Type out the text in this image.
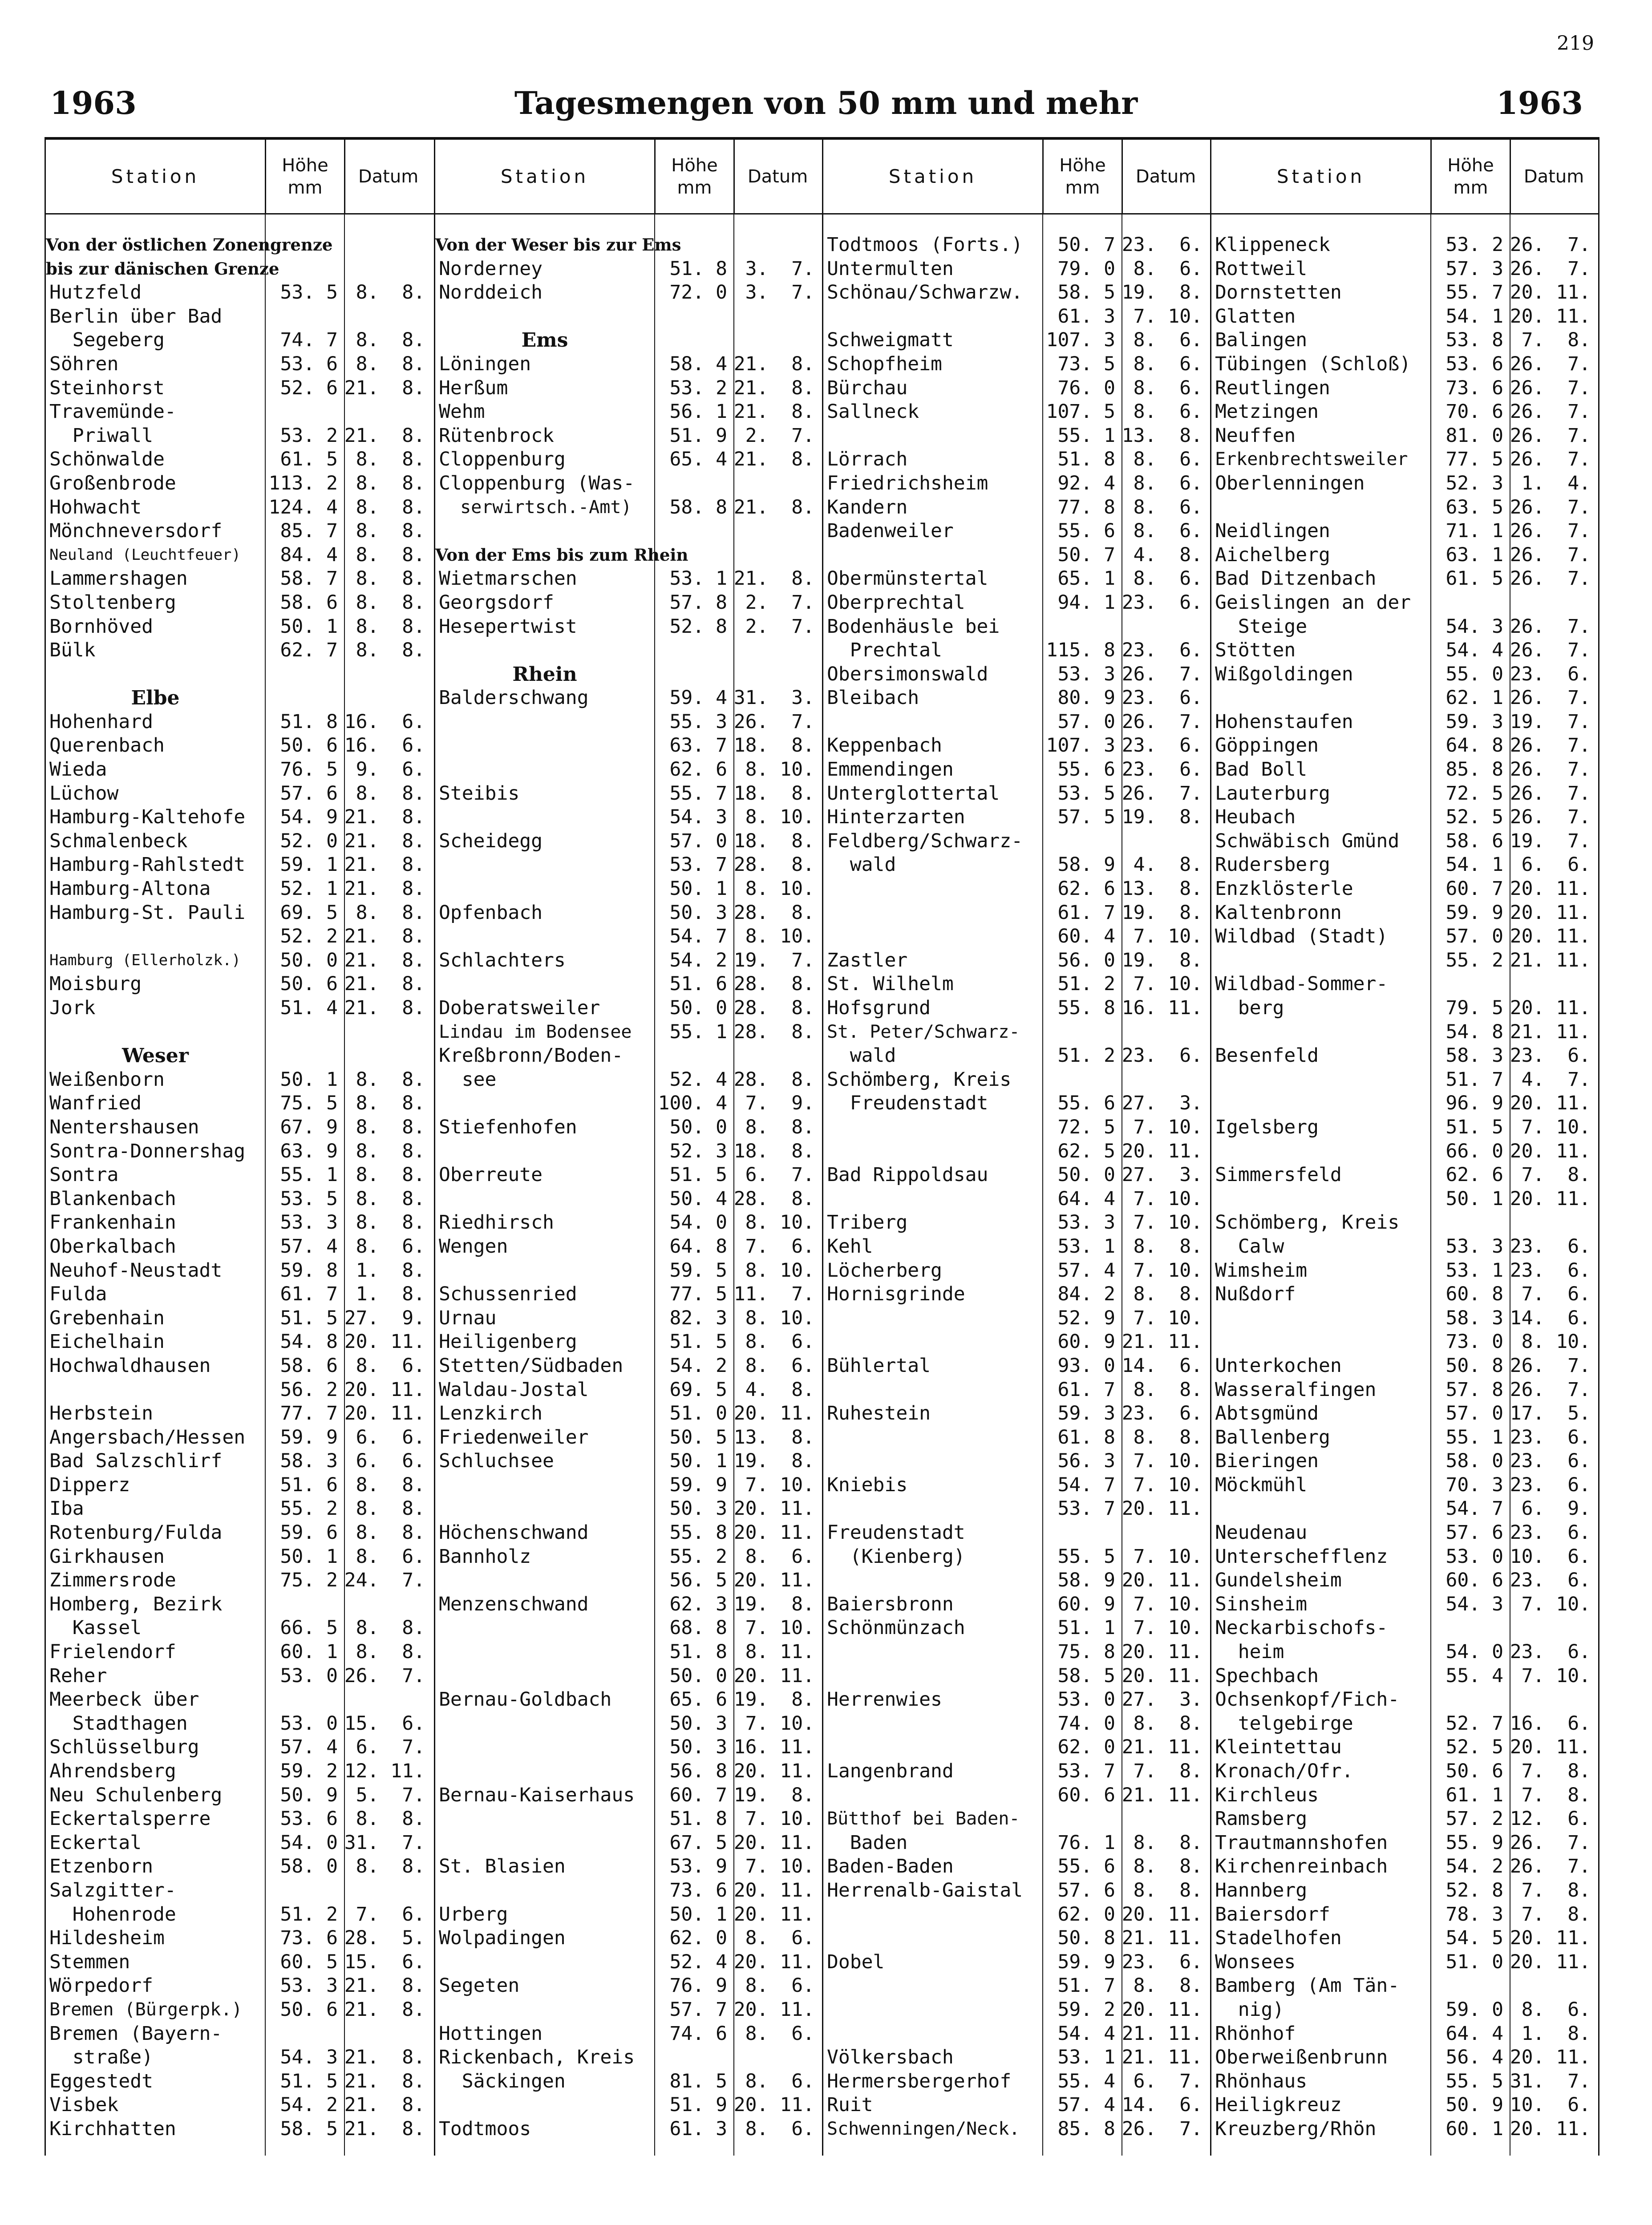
219
1963	Tagesmengen von 50 mm und mehr	1963
Station
Höhe
mm
Datum
Von der östlichen Zonengrenze
bis zur dänischen Grenze
Hutzfeld	53. 5 8.  8.
Berlin über Bad
Segeberg	74. 7 8.  8.
Söhren	53. 6 8.  8.
Steinhorst	52. 6 21.  8.
Travemünde-
Priwall	53. 2 21.  8.
Schönwalde	61. 5 8.  8.
Großenbrode	113. 2 8.  8.
Hohwacht	124. 4 8.  8.
Mönchneversdorf	85. 7 8.  8.
Neuland (Leuchtfeuer)	84. 4 8.  8.
Lammershagen	58. 7 8.  8.
Stoltenberg	58. 6 8.  8.
Bornhöved	50. 1 8.  8.
Bülk	62. 7 8.  8.
Elbe
Hohenhard	51. 8 16.  6.
Querenbach	50. 6 16.  6.
Wieda	76. 5 9.  6.
Lüchow	57. 6 8.  8.
Hamburg-Kaltehofe	54. 9 21.  8.
Schmalenbeck	52. 0 21.  8.
Hamburg-Rahlstedt	59. 1 21.  8.
Hamburg-Altona	52. 1 21.  8.
Hamburg-St. Pauli	69. 5 8.  8.
52. 2 21.  8.
Hamburg (Ellerholzk.)	50. 0 21.  8.
Moisburg	50. 6 21.  8.
Jork	51. 4 21.  8.
Weser
Weißenborn	50. 1 8.  8.
Wanfried	75. 5 8.  8.
Nentershausen	67. 9 8.  8.
Sontra-Donnershag	63. 9 8.  8.
Sontra	55. 1 8.  8.
Blankenbach	53. 5 8.  8.
Frankenhain	53. 3 8.  8.
Oberkalbach	57. 4 8.  6.
Neuhof-Neustadt	59. 8 1.  8.
Fulda	61. 7 1.  8.
Grebenhain	51. 5 27.  9.
Eichelhain	54. 8 20. 11.
Hochwaldhausen	58. 6 8.  6.
56. 2 20. 11.
Herbstein	77. 7 20. 11.
Angersbach/Hessen	59. 9 6.  6.
Bad Salzschlirf	58. 3 6.  6.
Dipperz	51. 6 8.  8.
Iba	55. 2 8.  8.
Rotenburg/Fulda	59. 6 8.  8.
Girkhausen	50. 1 8.  6.
Zimmersrode	75. 2 24.  7.
Homberg, Bezirk
Kassel	66. 5 8.  8.
Frielendorf	60. 1 8.  8.
Reher	53. 0 26.  7.
Meerbeck über
Stadthagen	53. 0 15.  6.
Schlüsselburg	57. 4 6.  7.
Ahrendsberg	59. 2 12. 11.
Neu Schulenberg	50. 9 5.  7.
Eckertalsperre	53. 6 8.  8.
Eckertal	54. 0 31.  7.
Etzenborn	58. 0 8.  8.
Salzgitter-
Hohenrode	51. 2 7.  6.
Hildesheim	73. 6 28.  5.
Stemmen	60. 5 15.  6.
Wörpedorf	53. 3 21.  8.
Bremen (Bürgerpk.)	50. 6 21.  8.
Bremen (Bayern-
straße)	54. 3 21.  8.
Eggestedt	51. 5 21.  8.
Visbek	54. 2 21.  8.
Kirchhatten	58. 5 21.  8.
Station
Höhe
mm
Datum
Von der Weser bis zur Ems
Norderney	51. 8 3.  7.
Norddeich	72. 0 3.  7.
Ems
Löningen	58. 4 21.  8.
Herßum	53. 2 21.  8.
Wehm	56. 1 21.  8.
Rütenbrock	51. 9 2.  7.
Cloppenburg	65. 4 21.  8.
Cloppenburg (Was-
serwirtsch.-Amt)	58. 8 21.  8.
Von der Ems bis zum Rhein
Wietmarschen	53. 1 21.  8.
Georgsdorf	57. 8 2.  7.
Hesepertwist	52. 8 2.  7.
Rhein
Balderschwang	59. 4 31.  3.
55. 3 26.  7.
63. 7 18.  8.
62. 6 8. 10.
Steibis	55. 7 18.  8.
54. 3 8. 10.
Scheidegg	57. 0 18.  8.
53. 7 28.  8.
50. 1 8. 10.
Opfenbach	50. 3 28.  8.
54. 7 8. 10.
Schlachters	54. 2 19.  7.
51. 6 28.  8.
Doberatsweiler	50. 0 28.  8.
Lindau im Bodensee	55. 1 28.  8.
Kreßbronn/Boden-
see	52. 4 28.  8.
100. 4 7.  9.
Stiefenhofen	50. 0 8.  8.
52. 3 18.  8.
Oberreute	51. 5 6.  7.
50. 4 28.  8.
Riedhirsch	54. 0 8. 10.
Wengen	64. 8 7.  6.
59. 5 8. 10.
Schussenried	77. 5 11.  7.
Urnau	82. 3 8. 10.
Heiligenberg	51. 5 8.  6.
Stetten/Südbaden	54. 2 8.  6.
Waldau-Jostal	69. 5 4.  8.
Lenzkirch	51. 0 20. 11.
Friedenweiler	50. 5 13.  8.
Schluchsee	50. 1 19.  8.
59. 9 7. 10.
50. 3 20. 11.
Höchenschwand	55. 8 20. 11.
Bannholz	55. 2 8.  6.
56. 5 20. 11.
Menzenschwand	62. 3 19.  8.
68. 8 7. 10.
51. 8 8. 11.
50. 0 20. 11.
Bernau-Goldbach	65. 6 19.  8.
50. 3 7. 10.
50. 3 16. 11.
56. 8 20. 11.
Bernau-Kaiserhaus	60. 7 19.  8.
51. 8 7. 10.
67. 5 20. 11.
St. Blasien	53. 9 7. 10.
73. 6 20. 11.
Urberg	50. 1 20. 11.
Wolpadingen	62. 0 8.  6.
52. 4 20. 11.
Segeten	76. 9 8.  6.
57. 7 20. 11.
Hottingen	74. 6 8.  6.
Rickenbach, Kreis
Säckingen	81. 5 8.  6.
51. 9 20. 11.
Todtmoos	61. 3 8.  6.
Station
Höhe
mm
Datum
Todtmoos (Forts.)	50. 7 23.  6.
Untermulten	79. 0 8.  6.
Schönau/Schwarzw.	58. 5 19.  8.
61. 3 7. 10.
Schweigmatt	107. 3 8.  6.
Schopfheim	73. 5 8.  6.
Bürchau	76. 0 8.  6.
Sallneck	107. 5 8.  6.
55. 1 13.  8.
Lörrach	51. 8 8.  6.
Friedrichsheim	92. 4 8.  6.
Kandern	77. 8 8.  6.
Badenweiler	55. 6 8.  6.
50. 7 4.  8.
Obermünstertal	65. 1 8.  6.
Oberprechtal	94. 1 23.  6.
Bodenhäusle bei
Prechtal	115. 8 23.  6.
Obersimonswald	53. 3 26.  7.
Bleibach	80. 9 23.  6.
57. 0 26.  7.
Keppenbach	107. 3 23.  6.
Emmendingen	55. 6 23.  6.
Unterglottertal	53. 5 26.  7.
Hinterzarten	57. 5 19.  8.
Feldberg/Schwarz-
wald	58. 9 4.  8.
62. 6 13.  8.
61. 7 19.  8.
60. 4 7. 10.
Zastler	56. 0 19.  8.
St. Wilhelm	51. 2 7. 10.
Hofsgrund	55. 8 16. 11.
St. Peter/Schwarz-
wald	51. 2 23.  6.
Schömberg, Kreis
Freudenstadt	55. 6 27.  3.
72. 5 7. 10.
62. 5 20. 11.
Bad Rippoldsau	50. 0 27.  3.
64. 4 7. 10.
Triberg	53. 3 7. 10.
Kehl	53. 1 8.  8.
Löcherberg	57. 4 7. 10.
Hornisgrinde	84. 2 8.  8.
52. 9 7. 10.
60. 9 21. 11.
Bühlertal	93. 0 14.  6.
61. 7 8.  8.
Ruhestein	59. 3 23.  6.
61. 8 8.  8.
56. 3 7. 10.
Kniebis	54. 7 7. 10.
53. 7 20. 11.
Freudenstadt
(Kienberg)	55. 5 7. 10.
58. 9 20. 11.
Baiersbronn	60. 9 7. 10.
Schönmünzach	51. 1 7. 10.
75. 8 20. 11.
58. 5 20. 11.
Herrenwies	53. 0 27.  3.
74. 0 8.  8.
62. 0 21. 11.
Langenbrand	53. 7 7.  8.
60. 6 21. 11.
Bütthof bei Baden-
Baden	76. 1 8.  8.
Baden-Baden	55. 6 8.  8.
Herrenalb-Gaistal	57. 6 8.  8.
62. 0 20. 11.
50. 8 21. 11.
Dobel	59. 9 23.  6.
51. 7 8.  8.
59. 2 20. 11.
54. 4 21. 11.
Völkersbach	53. 1 21. 11.
Hermersbergerhof	55. 4 6.  7.
Ruit	57. 4 14.  6.
Schwenningen/Neck.	85. 8 26.  7.
Station
Höhe
mm
Datum
Klippeneck	53. 2 26.  7.
Rottweil	57. 3 26.  7.
Dornstetten	55. 7 20. 11.
Glatten	54. 1 20. 11.
Balingen	53. 8 7.  8.
Tübingen (Schloß)	53. 6 26.  7.
Reutlingen	73. 6 26.  7.
Metzingen	70. 6 26.  7.
Neuffen	81. 0 26.  7.
Erkenbrechtsweiler	77. 5 26.  7.
Oberlenningen	52. 3 1.  4.
63. 5 26.  7.
Neidlingen	71. 1 26.  7.
Aichelberg	63. 1 26.  7.
Bad Ditzenbach	61. 5 26.  7.
Geislingen an der
Steige	54. 3 26.  7.
Stötten	54. 4 26.  7.
Wißgoldingen	55. 0 23.  6.
62. 1 26.  7.
Hohenstaufen	59. 3 19.  7.
Göppingen	64. 8 26.  7.
Bad Boll	85. 8 26.  7.
Lauterburg	72. 5 26.  7.
Heubach	52. 5 26.  7.
Schwäbisch Gmünd	58. 6 19.  7.
Rudersberg	54. 1 6.  6.
Enzklösterle	60. 7 20. 11.
Kaltenbronn	59. 9 20. 11.
Wildbad (Stadt)	57. 0 20. 11.
55. 2 21. 11.
Wildbad-Sommer-
berg	79. 5 20. 11.
54. 8 21. 11.
Besenfeld	58. 3 23.  6.
51. 7 4.  7.
96. 9 20. 11.
Igelsberg	51. 5 7. 10.
66. 0 20. 11.
Simmersfeld	62. 6 7.  8.
50. 1 20. 11.
Schömberg, Kreis
Calw	53. 3 23.  6.
Wimsheim	53. 1 23.  6.
Nußdorf	60. 8 7.  6.
58. 3 14.  6.
73. 0 8. 10.
Unterkochen	50. 8 26.  7.
Wasseralfingen	57. 8 26.  7.
Abtsgmünd	57. 0 17.  5.
Ballenberg	55. 1 23.  6.
Bieringen	58. 0 23.  6.
Möckmühl	70. 3 23.  6.
54. 7 6.  9.
Neudenau	57. 6 23.  6.
Unterschefflenz	53. 0 10.  6.
Gundelsheim	60. 6 23.  6.
Sinsheim	54. 3 7. 10.
Neckarbischofs-
heim	54. 0 23.  6.
Spechbach	55. 4 7. 10.
Ochsenkopf/Fich-
telgebirge	52. 7 16.  6.
Kleintettau	52. 5 20. 11.
Kronach/Ofr.	50. 6 7.  8.
Kirchleus	61. 1 7.  8.
Ramsberg	57. 2 12.  6.
Trautmannshofen	55. 9 26.  7.
Kirchenreinbach	54. 2 26.  7.
Hannberg	52. 8 7.  8.
Baiersdorf	78. 3 7.  8.
Stadelhofen	54. 5 20. 11.
Wonsees	51. 0 20. 11.
Bamberg (Am Tän-
nig)	59. 0 8.  6.
Rhönhof	64. 4 1.  8.
Oberweißenbrunn	56. 4 20. 11.
Rhönhaus	55. 5 31.  7.
Heiligkreuz	50. 9 10.  6.
Kreuzberg/Rhön	60. 1 20. 11.
